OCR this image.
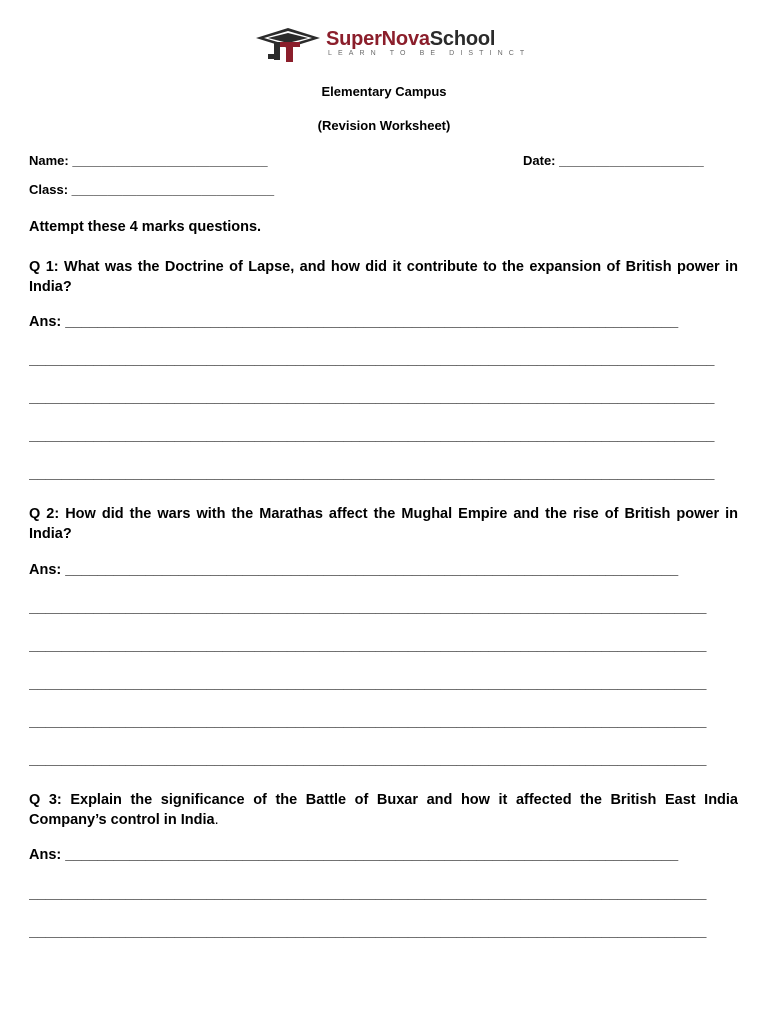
SuperNovaSchool
LEARN TO BE DISTINCT
Elementary Campus
(Revision Worksheet)
Name: ___________________________	Date: ____________________
Class: ____________________________
Attempt these 4 marks questions.
Q 1: What was the Doctrine of Lapse, and how did it contribute to the expansion of British power in India?
Ans: ____________________________________________________________________________
_____________________________________________________________________________________
_____________________________________________________________________________________
_____________________________________________________________________________________
_____________________________________________________________________________________
Q 2: How did the wars with the Marathas affect the Mughal Empire and the rise of British power in India?
Ans: ____________________________________________________________________________
____________________________________________________________________________________
____________________________________________________________________________________
____________________________________________________________________________________
____________________________________________________________________________________
____________________________________________________________________________________
Q 3: Explain the significance of the Battle of Buxar and how it affected the British East India Company’s control in India.
Ans: ____________________________________________________________________________
____________________________________________________________________________________
____________________________________________________________________________________
